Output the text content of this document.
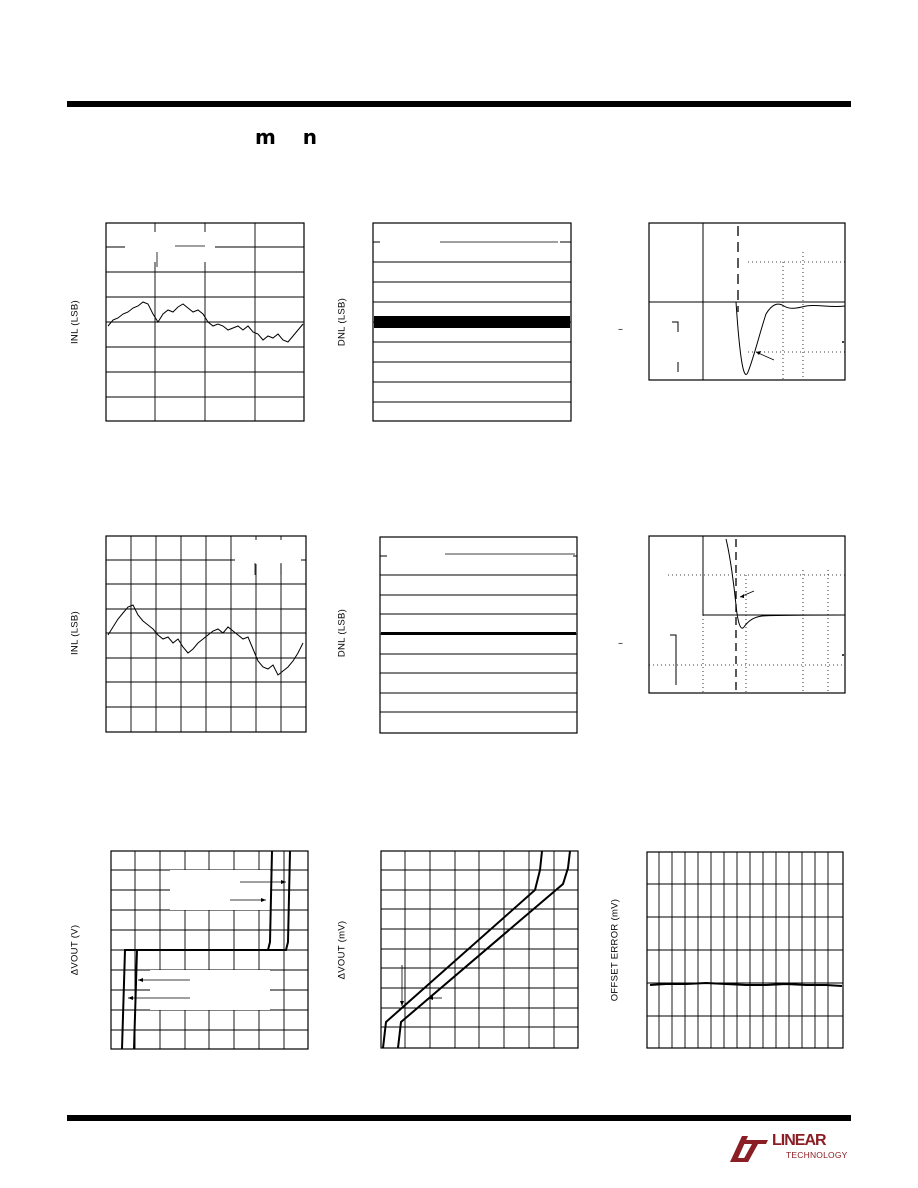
m n
INL (LSB)	DNL (LSB)	–
INL (LSB)	DNL (LSB)	–
ΔVOUT (V)	ΔVOUT (mV)	OFFSET ERROR (mV)
LINEAR
TECHNOLOGY
